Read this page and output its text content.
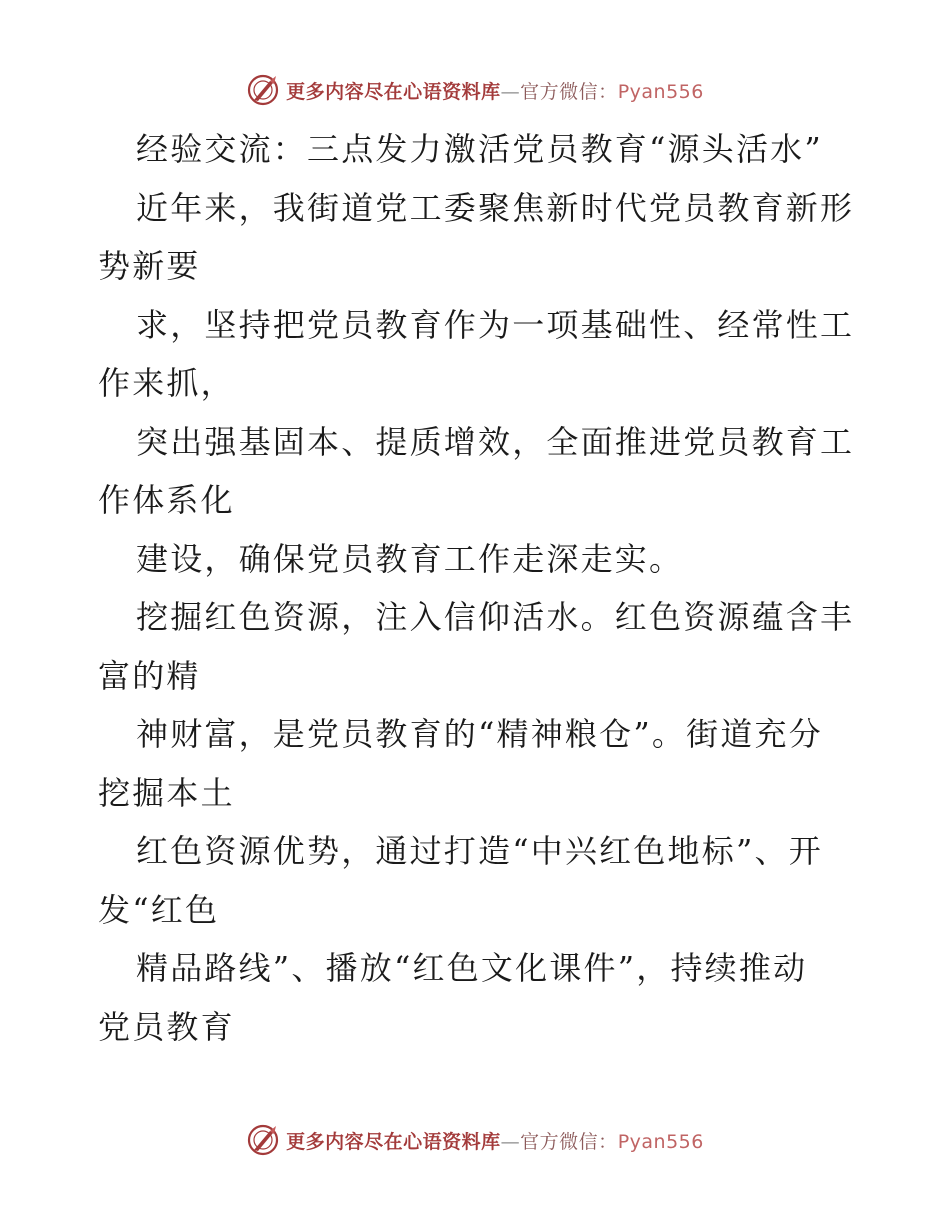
更多内容尽在心语资料库—官方微信：Pyan556
经验交流：三点发力激活党员教育“源头活水”
近年来，我街道党工委聚焦新时代党员教育新形
势新要
求，坚持把党员教育作为一项基础性、经常性工
作来抓，
突出强基固本、提质增效，全面推进党员教育工
作体系化
建设，确保党员教育工作走深走实。
挖掘红色资源，注入信仰活水。红色资源蕴含丰
富的精
神财富，是党员教育的“精神粮仓”。街道充分
挖掘本土
红色资源优势，通过打造“中兴红色地标”、开
发“红色
精品路线”、播放“红色文化课件”，持续推动
党员教育
更多内容尽在心语资料库—官方微信：Pyan556
